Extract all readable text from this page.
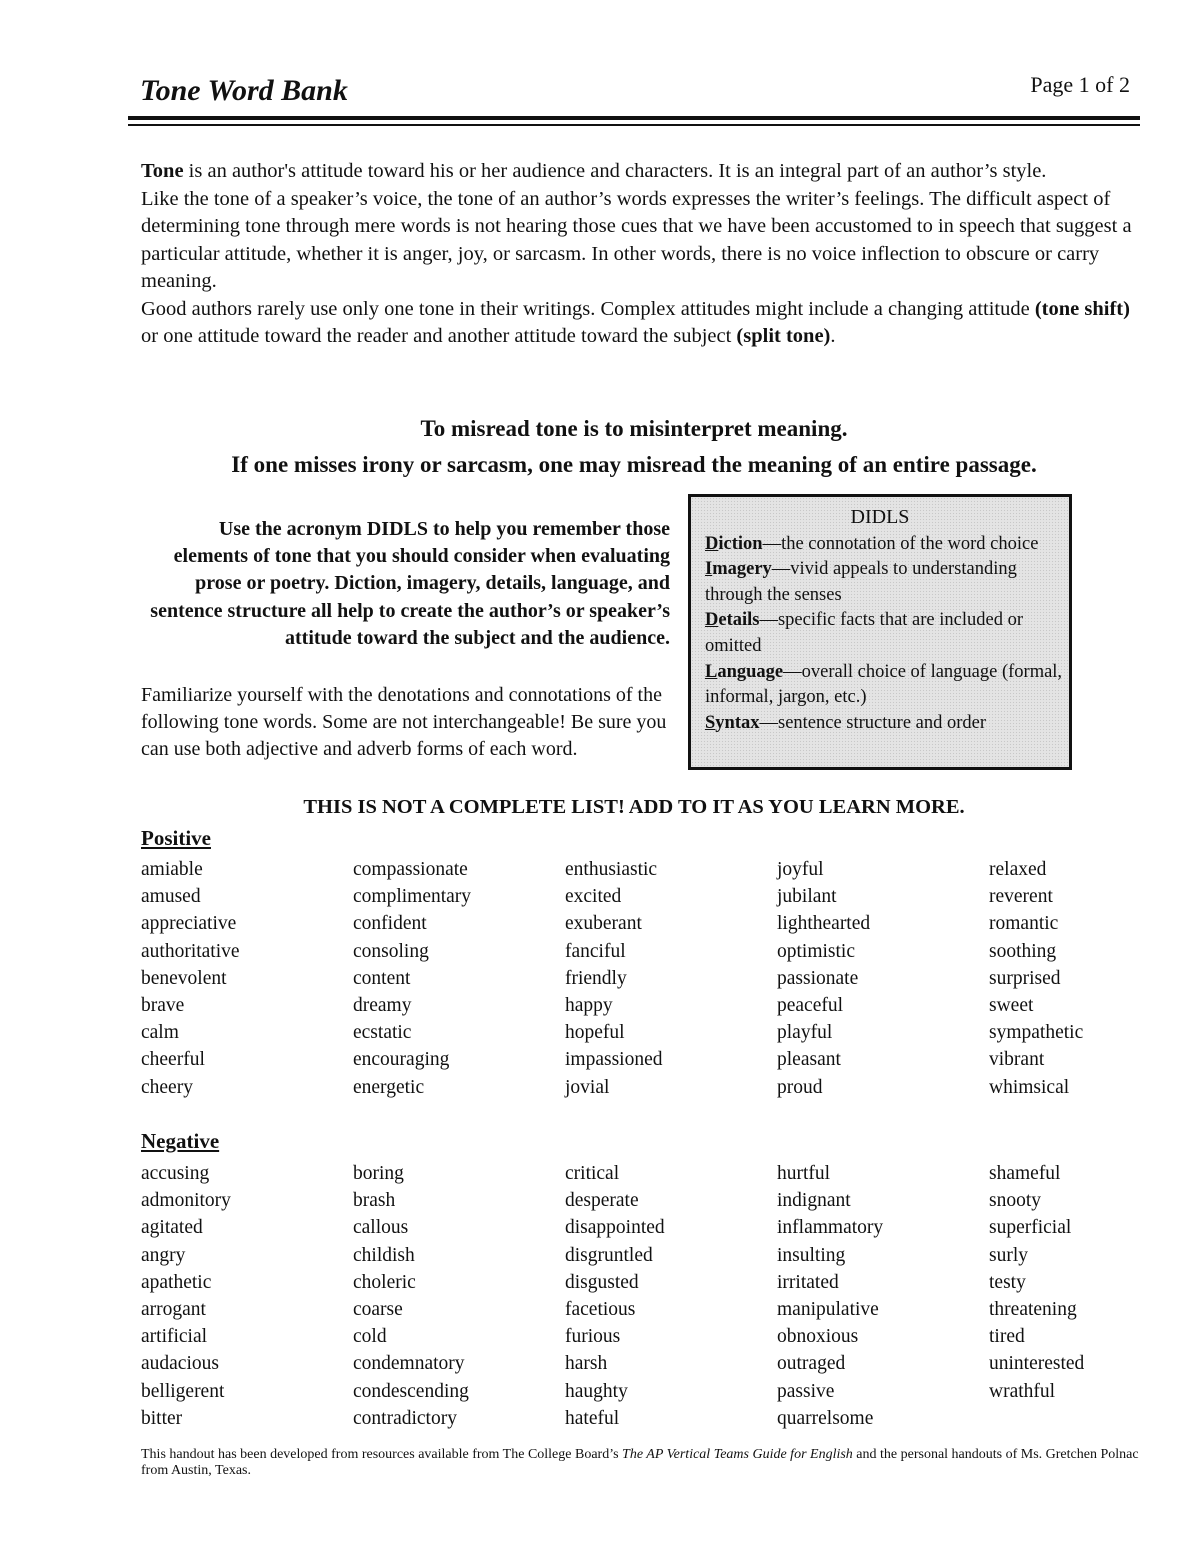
Tone Word Bank	Page 1 of 2

Tone is an author's attitude toward his or her audience and characters. It is an integral part of an author’s style.

Like the tone of a speaker’s voice, the tone of an author’s words expresses the writer’s feelings. The difficult aspect of determining tone through mere words is not hearing those cues that we have been accustomed to in speech that suggest a particular attitude, whether it is anger, joy, or sarcasm. In other words, there is no voice inflection to obscure or carry meaning.

Good authors rarely use only one tone in their writings. Complex attitudes might include a changing attitude (tone shift) or one attitude toward the reader and another attitude toward the subject (split tone).

To misread tone is to misinterpret meaning.
If one misses irony or sarcasm, one may misread the meaning of an entire passage.
Use the acronym DIDLS to help you remember those elements of tone that you should consider when evaluating prose or poetry. Diction, imagery, details, language, and sentence structure all help to create the author’s or speaker’s attitude toward the subject and the audience.
Familiarize yourself with the denotations and connotations of the following tone words. Some are not interchangeable! Be sure you can use both adjective and adverb forms of each word.
DIDLS
Diction—the connotation of the word choice
Imagery—vivid appeals to understanding through the senses
Details—specific facts that are included or omitted
Language—overall choice of language (formal, informal, jargon, etc.)
Syntax—sentence structure and order
THIS IS NOT A COMPLETE LIST! ADD TO IT AS YOU LEARN MORE.
Positive
amiable
amused
appreciative
authoritative
benevolent
brave
calm
cheerful
cheery
compassionate
complimentary
confident
consoling
content
dreamy
ecstatic
encouraging
energetic
enthusiastic
excited
exuberant
fanciful
friendly
happy
hopeful
impassioned
jovial
joyful
jubilant
lighthearted
optimistic
passionate
peaceful
playful
pleasant
proud
relaxed
reverent
romantic
soothing
surprised
sweet
sympathetic
vibrant
whimsical
Negative
accusing
admonitory
agitated
angry
apathetic
arrogant
artificial
audacious
belligerent
bitter
boring
brash
callous
childish
choleric
coarse
cold
condemnatory
condescending
contradictory
critical
desperate
disappointed
disgruntled
disgusted
facetious
furious
harsh
haughty
hateful
hurtful
indignant
inflammatory
insulting
irritated
manipulative
obnoxious
outraged
passive
quarrelsome
shameful
snooty
superficial
surly
testy
threatening
tired
uninterested
wrathful
This handout has been developed from resources available from The College Board’s The AP Vertical Teams Guide for English and the personal handouts of Ms. Gretchen Polnac from Austin, Texas.
